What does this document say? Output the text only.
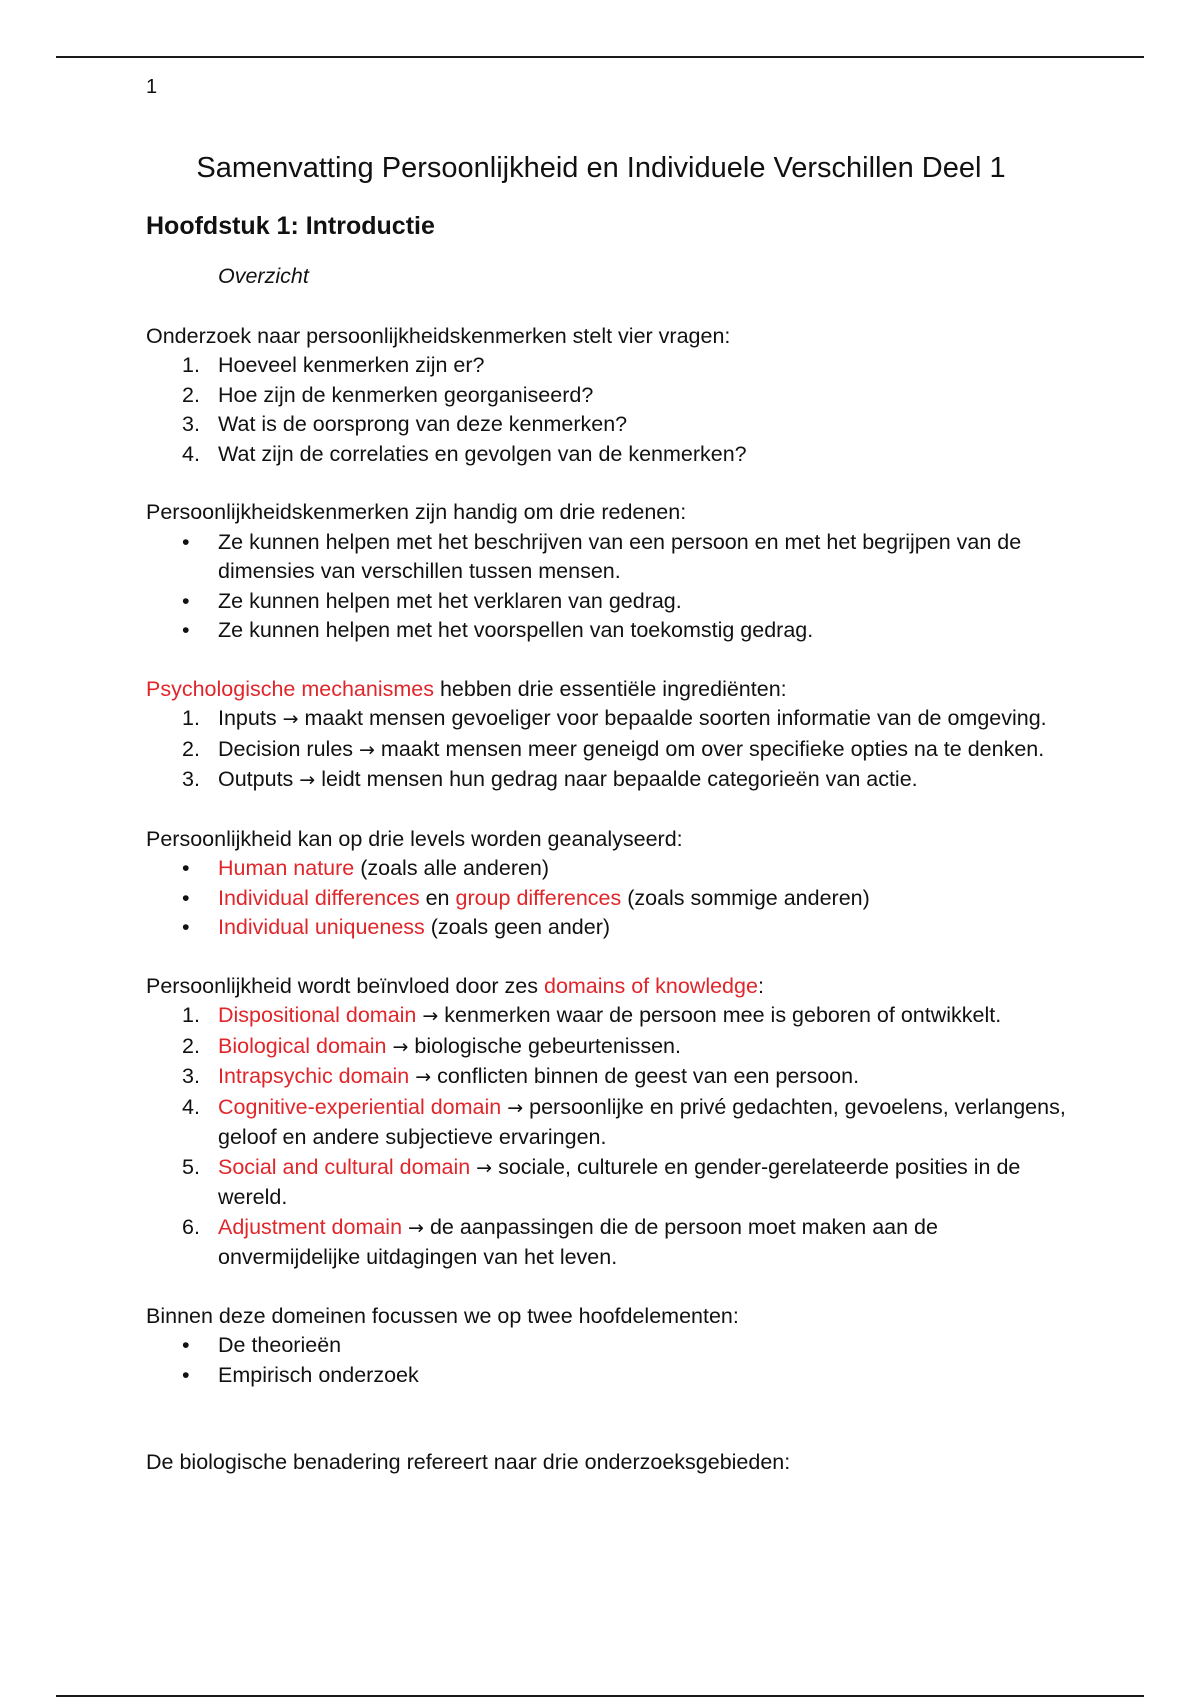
1
Samenvatting Persoonlijkheid en Individuele Verschillen Deel 1
Hoofdstuk 1: Introductie
Overzicht

Onderzoek naar persoonlijkheidskenmerken stelt vier vragen:

Hoeveel kenmerken zijn er?
Hoe zijn de kenmerken georganiseerd?
Wat is de oorsprong van deze kenmerken?
Wat zijn de correlaties en gevolgen van de kenmerken?

Persoonlijkheidskenmerken zijn handig om drie redenen:

• Ze kunnen helpen met het beschrijven van een persoon en met het begrijpen van de dimensies van verschillen tussen mensen.
• Ze kunnen helpen met het verklaren van gedrag.
• Ze kunnen helpen met het voorspellen van toekomstig gedrag.

Psychologische mechanismes hebben drie essentiële ingrediënten:

Inputs → maakt mensen gevoeliger voor bepaalde soorten informatie van de omgeving.
Decision rules → maakt mensen meer geneigd om over specifieke opties na te denken.
Outputs → leidt mensen hun gedrag naar bepaalde categorieën van actie.

Persoonlijkheid kan op drie levels worden geanalyseerd:

• Human nature (zoals alle anderen)
• Individual differences en group differences (zoals sommige anderen)
• Individual uniqueness (zoals geen ander)

Persoonlijkheid wordt beïnvloed door zes domains of knowledge:

Dispositional domain → kenmerken waar de persoon mee is geboren of ontwikkelt.
Biological domain → biologische gebeurtenissen.
Intrapsychic domain → conflicten binnen de geest van een persoon.
Cognitive-experiential domain → persoonlijke en privé gedachten, gevoelens, verlangens, geloof en andere subjectieve ervaringen.
Social and cultural domain → sociale, culturele en gender-gerelateerde posities in de wereld.
Adjustment domain → de aanpassingen die de persoon moet maken aan de onvermijdelijke uitdagingen van het leven.

Binnen deze domeinen focussen we op twee hoofdelementen:

• De theorieën
• Empirisch onderzoek

De biologische benadering refereert naar drie onderzoeksgebieden:
